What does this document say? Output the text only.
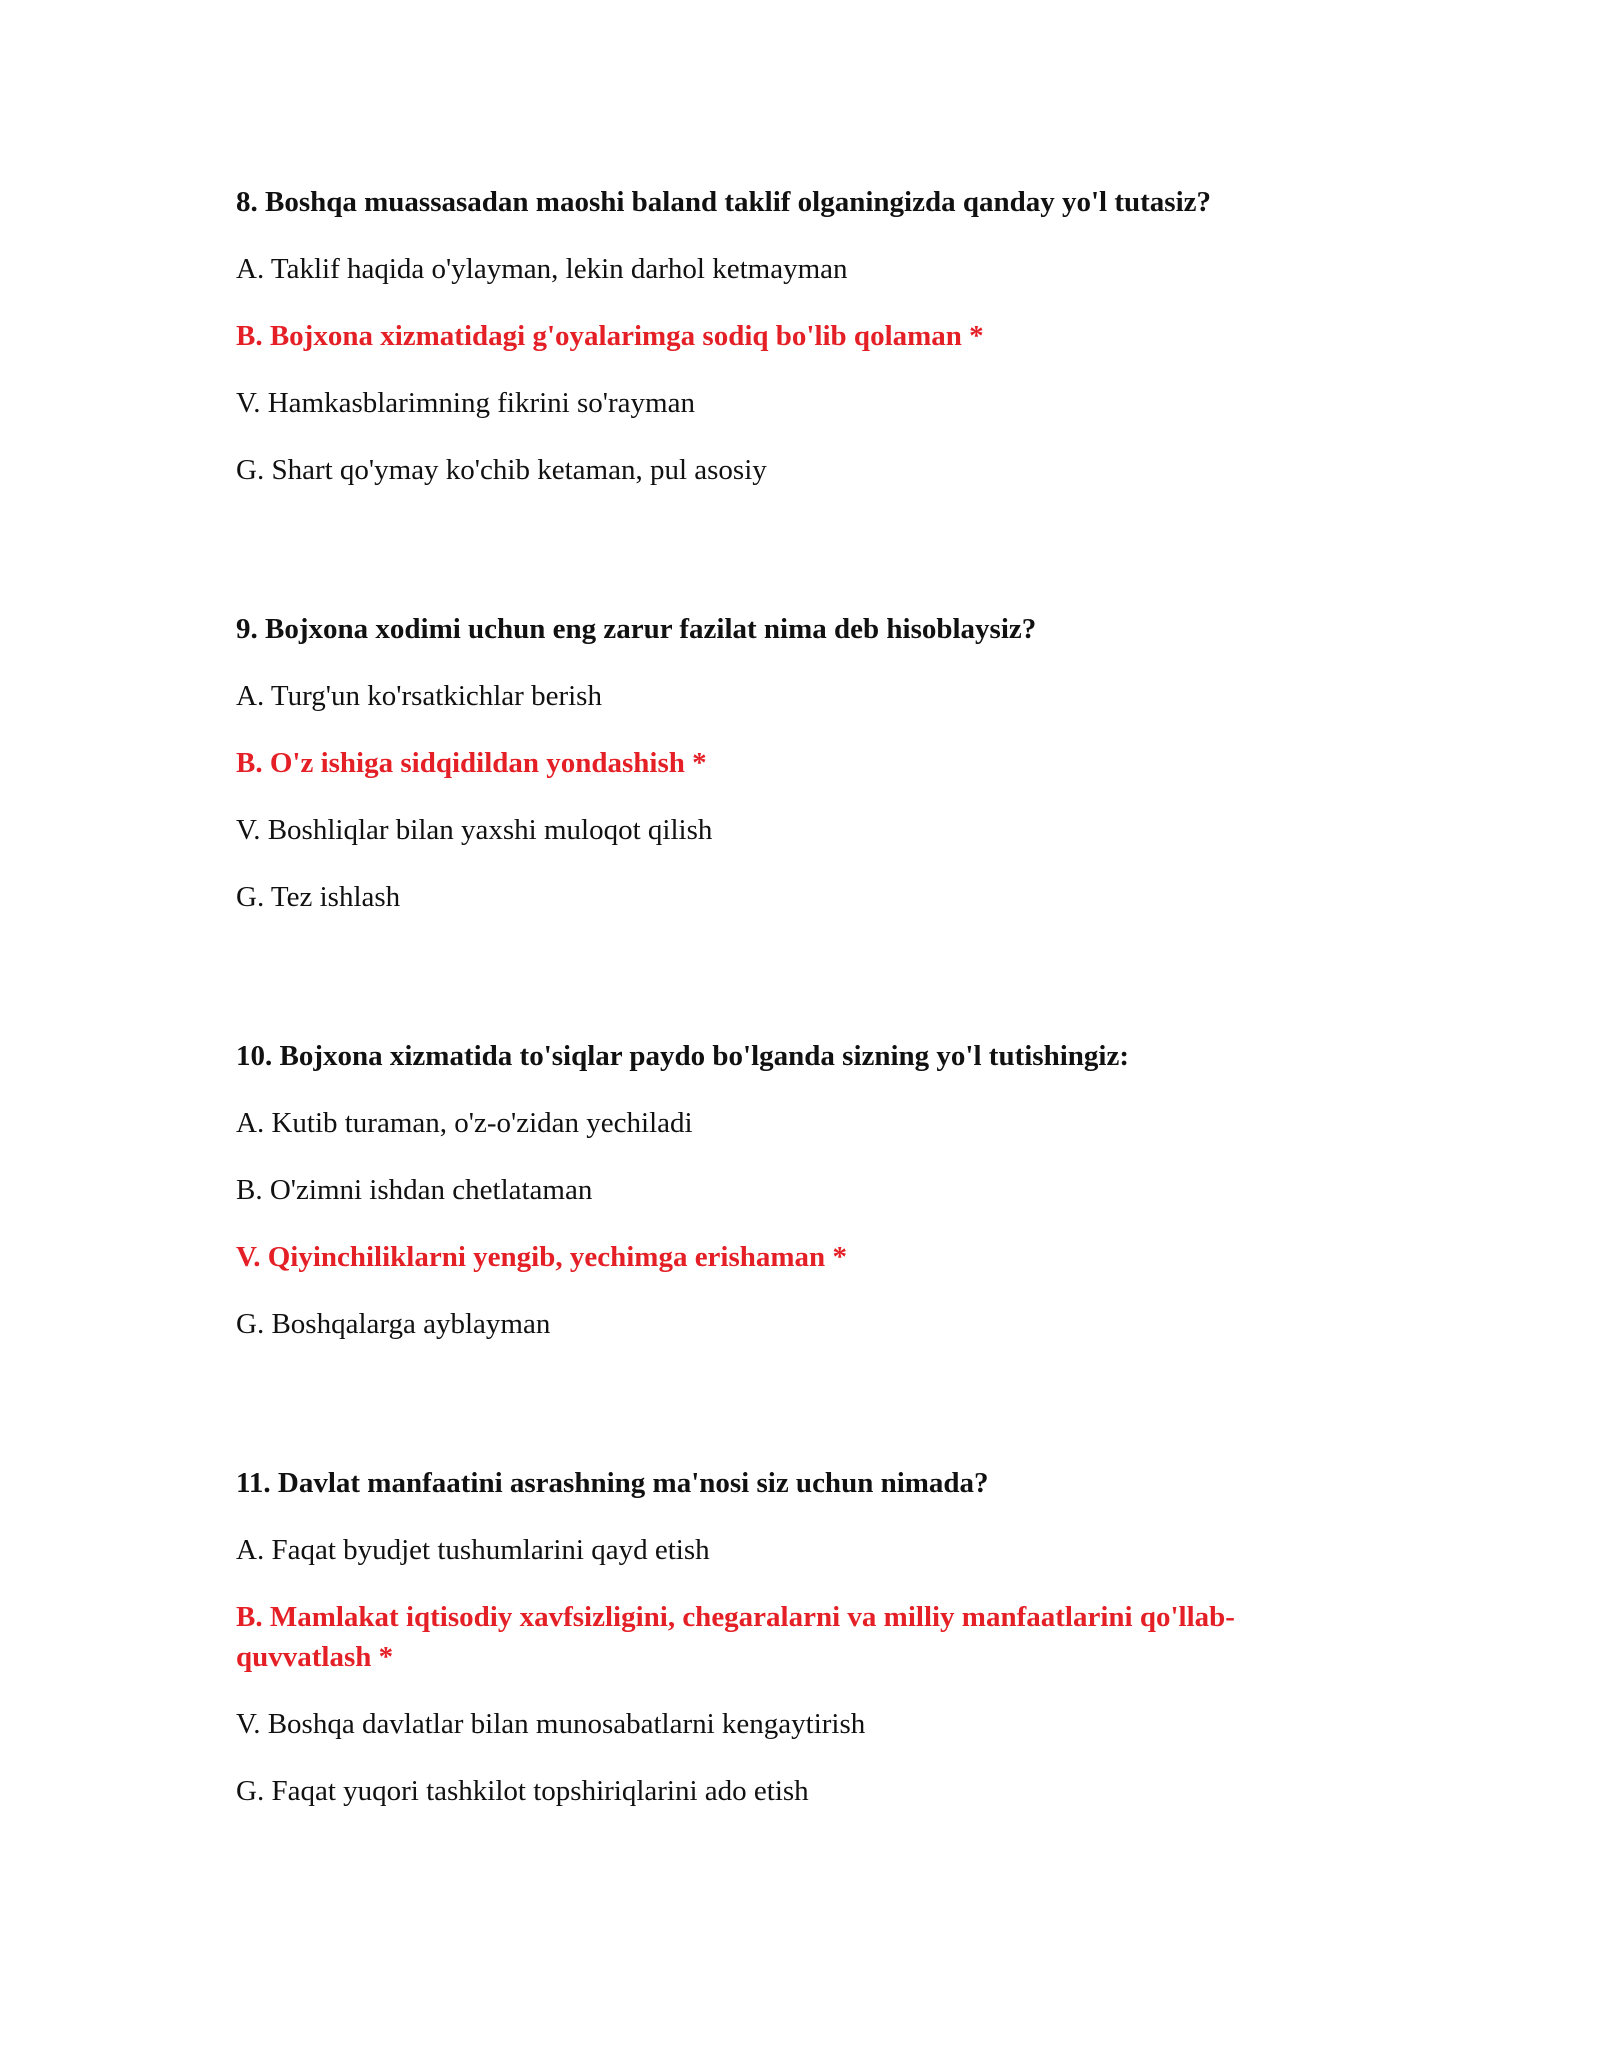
8. Boshqa muassasadan maoshi baland taklif olganingizda qanday yo'l tutasiz?

A. Taklif haqida o'ylayman, lekin darhol ketmayman

B. Bojxona xizmatidagi g'oyalarimga sodiq bo'lib qolaman *

V. Hamkasblarimning fikrini so'rayman

G. Shart qo'ymay ko'chib ketaman, pul asosiy

9. Bojxona xodimi uchun eng zarur fazilat nima deb hisoblaysiz?

A. Turg'un ko'rsatkichlar berish

B. O'z ishiga sidqidildan yondashish *

V. Boshliqlar bilan yaxshi muloqot qilish

G. Tez ishlash

10. Bojxona xizmatida to'siqlar paydo bo'lganda sizning yo'l tutishingiz:

A. Kutib turaman, o'z-o'zidan yechiladi

B. O'zimni ishdan chetlataman

V. Qiyinchiliklarni yengib, yechimga erishaman *

G. Boshqalarga ayblayman

11. Davlat manfaatini asrashning ma'nosi siz uchun nimada?

A. Faqat byudjet tushumlarini qayd etish

B. Mamlakat iqtisodiy xavfsizligini, chegaralarni va milliy manfaatlarini qo'llab-quvvatlash *

V. Boshqa davlatlar bilan munosabatlarni kengaytirish

G. Faqat yuqori tashkilot topshiriqlarini ado etish
